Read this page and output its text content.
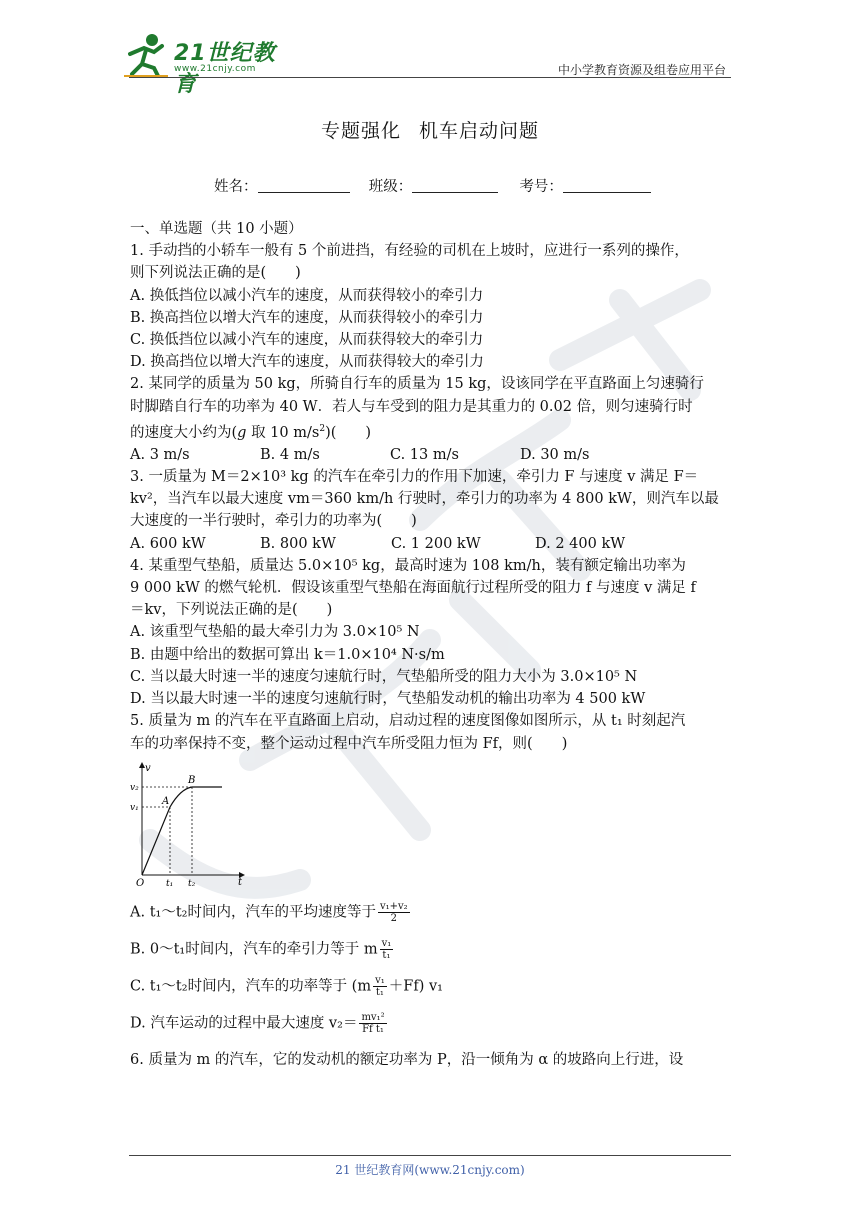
21世纪教育
www.21cnjy.com	中小学教育资源及组卷应用平台
专题强化 机车启动问题
姓名：	班级：	考号：

一、单选题（共 10 小题）

1. 手动挡的小轿车一般有 5 个前进挡，有经验的司机在上坡时，应进行一系列的操作，

则下列说法正确的是(　　)

A. 换低挡位以减小汽车的速度，从而获得较小的牵引力

B. 换高挡位以增大汽车的速度，从而获得较小的牵引力

C. 换低挡位以减小汽车的速度，从而获得较大的牵引力

D. 换高挡位以增大汽车的速度，从而获得较大的牵引力

2. 某同学的质量为 50 kg，所骑自行车的质量为 15 kg，设该同学在平直路面上匀速骑行

时脚踏自行车的功率为 40 W．若人与车受到的阻力是其重力的 0.02 倍，则匀速骑行时

的速度大小约为(g 取 10 $m/s^2$)(　　)

A. 3 m/s	B. 4 m/s	C. 13 m/s	D. 30 m/s

3. 一质量为 M＝2×10³ kg 的汽车在牵引力的作用下加速，牵引力 F 与速度 v 满足 F＝

kv²，当汽车以最大速度 vm＝360 km/h 行驶时，牵引力的功率为 4 800 kW，则汽车以最

大速度的一半行驶时，牵引力的功率为(　　)

A. 600 kW	B. 800 kW	C. 1 200 kW	D. 2 400 kW

4. 某重型气垫船，质量达 5.0×10⁵ kg，最高时速为 108 km/h，装有额定输出功率为

9 000 kW 的燃气轮机．假设该重型气垫船在海面航行过程所受的阻力 f 与速度 v 满足 f

＝kv，下列说法正确的是(　　)

A. 该重型气垫船的最大牵引力为 3.0×10⁵ N

B. 由题中给出的数据可算出 k＝1.0×10⁴ N·s/m

C. 当以最大时速一半的速度匀速航行时，气垫船所受的阻力大小为 3.0×10⁵ N

D. 当以最大时速一半的速度匀速航行时，气垫船发动机的输出功率为 4 500 kW

5. 质量为 m 的汽车在平直路面上启动，启动过程的速度图像如图所示，从 t₁ 时刻起汽

车的功率保持不变，整个运动过程中汽车所受阻力恒为 Ff，则(　　)

v
t
O
v₁
v₂
t₁ t₂
A
B

A. t₁～t₂时间内，汽车的平均速度等于 $\frac{\text{v₁+v₂}}{2}$

B. 0～t₁时间内，汽车的牵引力等于 m $\frac{\text{v₁}}{\text{t₁}}$

C. t₁～t₂时间内，汽车的功率等于 $(m \frac{\text{v₁}}{\text{t₁}} +Ff)$ v₁

D. 汽车运动的过程中最大速度 $v_2= \frac{\text{mv₁²}}{\text{Ff t₁}}$

6. 质量为 m 的汽车，它的发动机的额定功率为 P，沿一倾角为 α 的坡路向上行进，设

21 世纪教育网(www.21cnjy.com)
